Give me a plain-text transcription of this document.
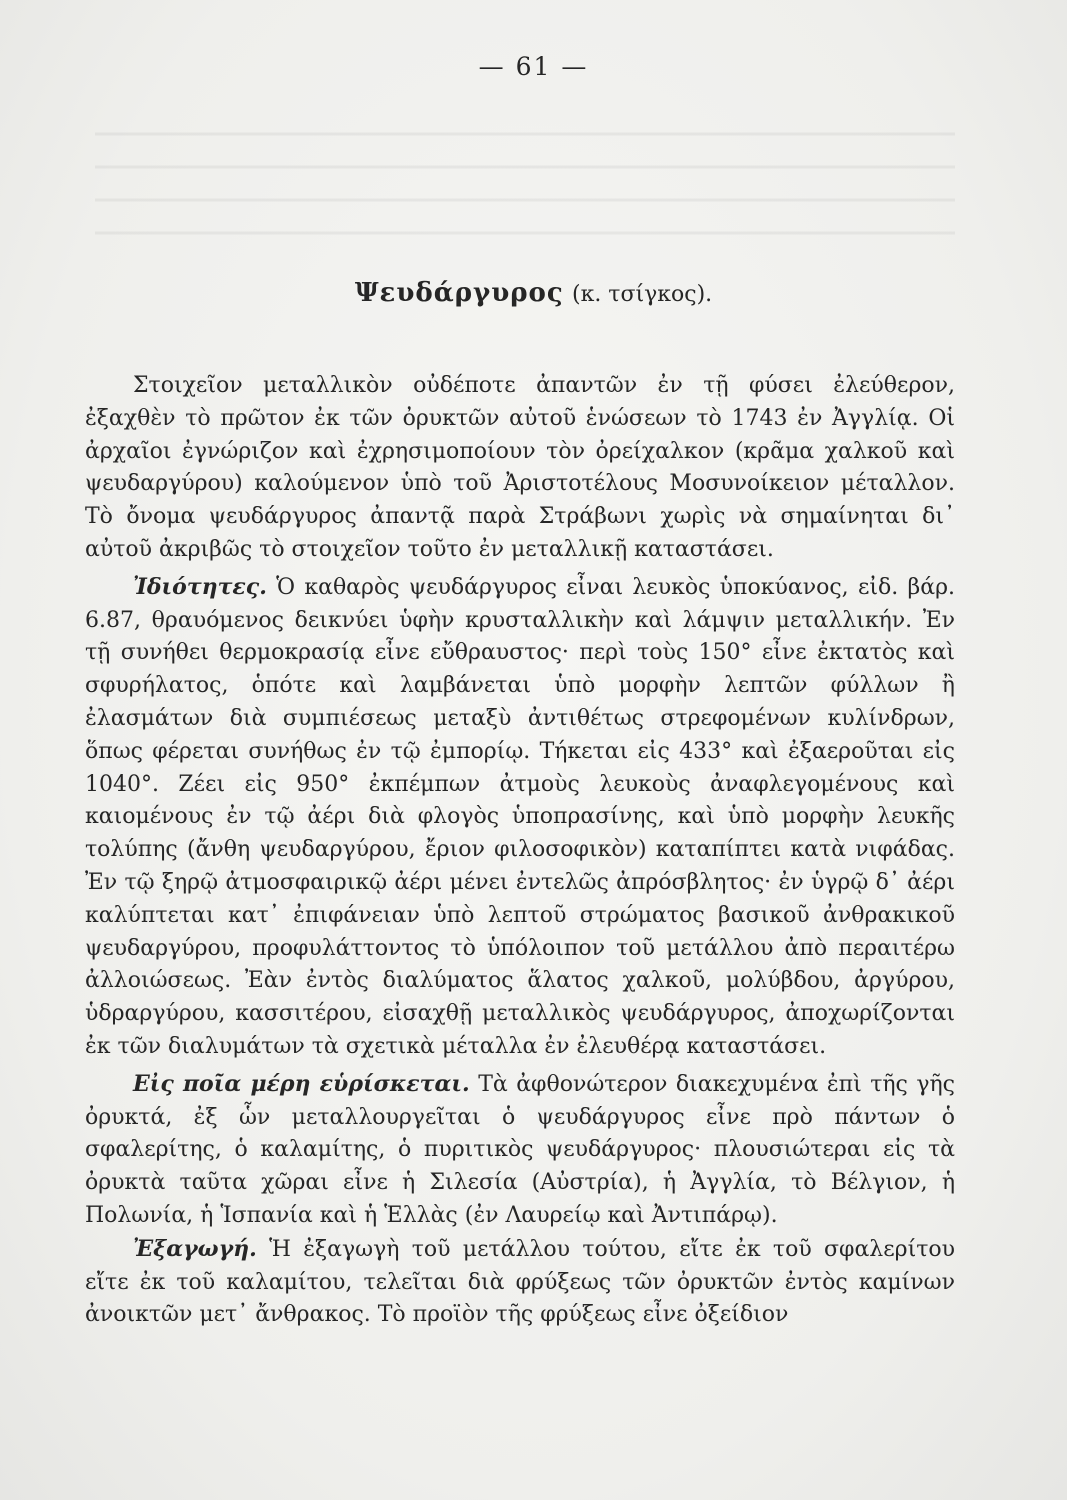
— 61 —
Ψευδάργυρος (κ. τσίγκος).

Στοιχεῖον μεταλλικὸν οὐδέποτε ἀπαντῶν ἐν τῇ φύσει ἐλεύθερον, ἐξαχθὲν τὸ πρῶτον ἐκ τῶν ὀρυκτῶν αὐτοῦ ἑνώσεων τὸ 1743 ἐν Ἀγγλίᾳ. Οἱ ἀρχαῖοι ἐγνώριζον καὶ ἐχρησιμοποίουν τὸν ὀρείχαλκον (κρᾶμα χαλκοῦ καὶ ψευδαργύρου) καλούμενον ὑπὸ τοῦ Ἀριστοτέλους Μοσυνοίκειον μέταλλον. Τὸ ὄνομα ψευδάργυρος ἀπαντᾷ παρὰ Στράβωνι χωρὶς νὰ σημαίνηται δι᾿ αὐτοῦ ἀκριβῶς τὸ στοιχεῖον τοῦτο ἐν μεταλλικῇ καταστάσει.

Ἰδιότητες. Ὁ καθαρὸς ψευδάργυρος εἶναι λευκὸς ὑποκύανος, εἰδ. βάρ. 6.87, θραυόμενος δεικνύει ὑφὴν κρυσταλλικὴν καὶ λάμψιν μεταλλικήν. Ἐν τῇ συνήθει θερμοκρασίᾳ εἶνε εὔθραυστος· περὶ τοὺς 150° εἶνε ἐκτατὸς καὶ σφυρήλατος, ὁπότε καὶ λαμβάνεται ὑπὸ μορφὴν λεπτῶν φύλλων ἢ ἐλασμάτων διὰ συμπιέσεως μεταξὺ ἀντιθέτως στρεφομένων κυλίνδρων, ὅπως φέρεται συνήθως ἐν τῷ ἐμπορίῳ. Τήκεται εἰς 433° καὶ ἐξαεροῦται εἰς 1040°. Ζέει εἰς 950° ἐκπέμπων ἀτμοὺς λευκοὺς ἀναφλεγομένους καὶ καιομένους ἐν τῷ ἀέρι διὰ φλογὸς ὑποπρασίνης, καὶ ὑπὸ μορφὴν λευκῆς τολύπης (ἄνθη ψευδαργύρου, ἔριον φιλοσοφικὸν) καταπίπτει κατὰ νιφάδας. Ἐν τῷ ξηρῷ ἀτμοσφαιρικῷ ἀέρι μένει ἐντελῶς ἀπρόσβλητος· ἐν ὑγρῷ δ᾿ ἀέρι καλύπτεται κατ᾿ ἐπιφάνειαν ὑπὸ λεπτοῦ στρώματος βασικοῦ ἀνθρακικοῦ ψευδαργύρου, προφυλάττοντος τὸ ὑπόλοιπον τοῦ μετάλλου ἀπὸ περαιτέρω ἀλλοιώσεως. Ἐὰν ἐντὸς διαλύματος ἅλατος χαλκοῦ, μολύβδου, ἀργύρου, ὑδραργύρου, κασσιτέρου, εἰσαχθῇ μεταλλικὸς ψευδάργυρος, ἀποχωρίζονται ἐκ τῶν διαλυμάτων τὰ σχετικὰ μέταλλα ἐν ἐλευθέρᾳ καταστάσει.

Εἰς ποῖα μέρη εὑρίσκεται. Τὰ ἀφθονώτερον διακεχυμένα ἐπὶ τῆς γῆς ὀρυκτά, ἐξ ὧν μεταλλουργεῖται ὁ ψευδάργυρος εἶνε πρὸ πάντων ὁ σφαλερίτης, ὁ καλαμίτης, ὁ πυριτικὸς ψευδάργυρος· πλουσιώτεραι εἰς τὰ ὀρυκτὰ ταῦτα χῶραι εἶνε ἡ Σιλεσία (Αὐστρία), ἡ Ἀγγλία, τὸ Βέλγιον, ἡ Πολωνία, ἡ Ἱσπανία καὶ ἡ Ἑλλὰς (ἐν Λαυρείῳ καὶ Ἀντιπάρῳ).

Ἐξαγωγή. Ἡ ἐξαγωγὴ τοῦ μετάλλου τούτου, εἴτε ἐκ τοῦ σφαλερίτου εἴτε ἐκ τοῦ καλαμίτου, τελεῖται διὰ φρύξεως τῶν ὀρυκτῶν ἐντὸς καμίνων ἀνοικτῶν μετ᾿ ἄνθρακος. Τὸ προϊὸν τῆς φρύξεως εἶνε ὀξείδιον
